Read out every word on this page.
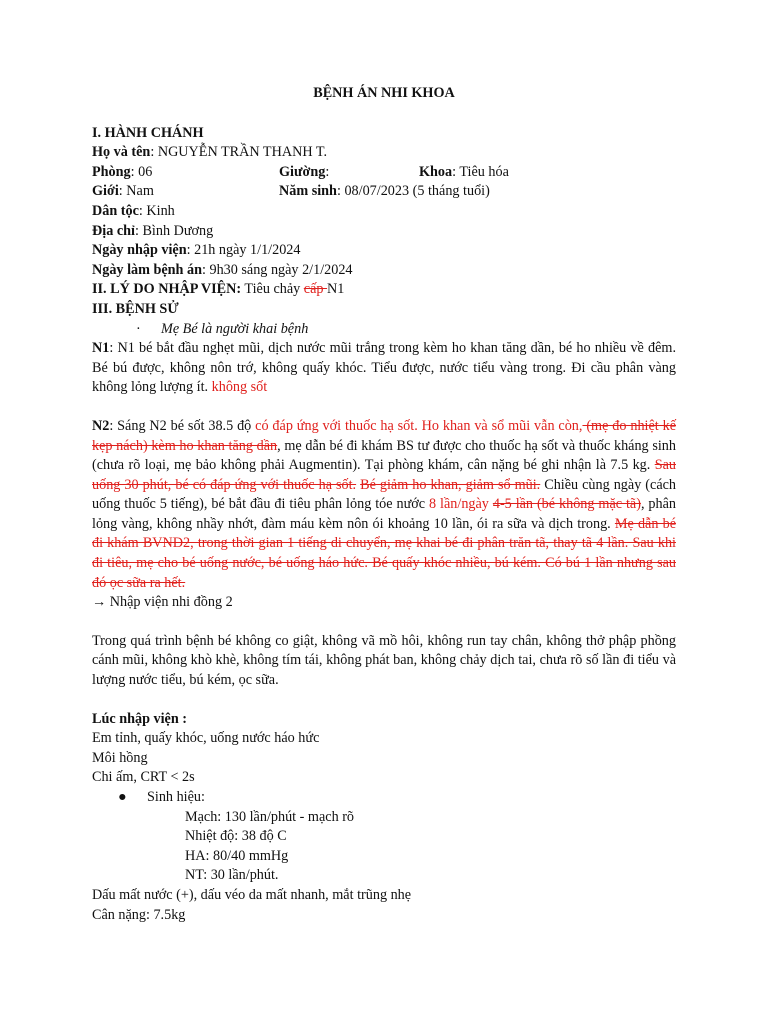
BỆNH ÁN NHI KHOA
I. HÀNH CHÁNH
Họ và tên: NGUYỄN TRẦN THANH T.
Phòng: 06	Giường:	Khoa: Tiêu hóa
Giới: Nam	Năm sinh: 08/07/2023 (5 tháng tuổi)
Dân tộc: Kinh
Địa chỉ: Bình Dương
Ngày nhập viện: 21h ngày 1/1/2024
Ngày làm bệnh án: 9h30 sáng ngày 2/1/2024
II. LÝ DO NHẬP VIỆN: Tiêu chảy cấp N1
III. BỆNH SỬ
· Mẹ Bé là người khai bệnh

N1: N1 bé bắt đầu nghẹt mũi, dịch nước mũi trắng trong kèm ho khan tăng dần, bé ho nhiều về đêm. Bé bú được, không nôn trớ, không quấy khóc. Tiểu được, nước tiểu vàng trong. Đi cầu phân vàng không lỏng lượng ít. không sốt

N2: Sáng N2 bé sốt 38.5 độ có đáp ứng với thuốc hạ sốt. Ho khan và sổ mũi vẫn còn, (mẹ đo nhiệt kế kẹp nách) kèm ho khan tăng dần, mẹ dẫn bé đi khám BS tư được cho thuốc hạ sốt và thuốc kháng sinh (chưa rõ loại, mẹ bảo không phải Augmentin). Tại phòng khám, cân nặng bé ghi nhận là 7.5 kg. Sau uống 30 phút, bé có đáp ứng với thuốc hạ sốt. Bé giảm ho khan, giảm sổ mũi. Chiều cùng ngày (cách uống thuốc 5 tiếng), bé bắt đầu đi tiêu phân lỏng tóe nước 8 lần/ngày 4-5 lần (bé không mặc tã), phân lỏng vàng, không nhầy nhớt, đàm máu kèm nôn ói khoảng 10 lần, ói ra sữa và dịch trong. Mẹ dẫn bé đi khám BVNĐ2, trong thời gian 1 tiếng di chuyển, mẹ khai bé đi phân trăn tã, thay tã 4 lần. Sau khi đi tiêu, mẹ cho bé uống nước, bé uống háo hức. Bé quấy khóc nhiều, bú kém. Có bú 1 lần nhưng sau đó ọc sữa ra hết.

→ Nhập viện nhi đồng 2

Trong quá trình bệnh bé không co giật, không vã mồ hôi, không run tay chân, không thở phập phồng cánh mũi, không khò khè, không tím tái, không phát ban, không chảy dịch tai, chưa rõ số lần đi tiểu và lượng nước tiểu, bú kém, ọc sữa.

Lúc nhập viện :
Em tỉnh, quấy khóc, uống nước háo hức
Môi hồng
Chi ấm, CRT < 2s
● Sinh hiệu:
Mạch: 130 lần/phút - mạch rõ
Nhiệt độ: 38 độ C
HA: 80/40 mmHg
NT: 30 lần/phút.
Dấu mất nước (+), dấu véo da mất nhanh, mắt trũng nhẹ
Cân nặng: 7.5kg
